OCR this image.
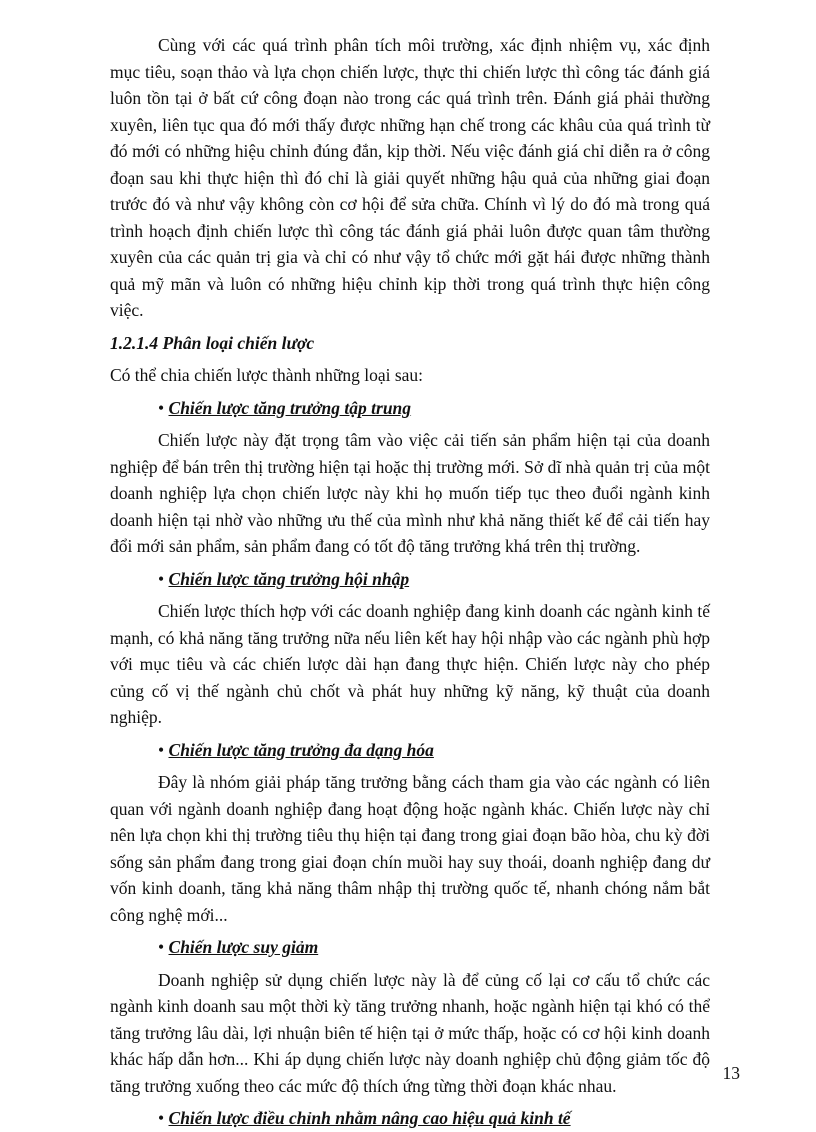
Cùng với các quá trình phân tích môi trường, xác định nhiệm vụ, xác định mục tiêu, soạn thảo và lựa chọn chiến lược, thực thi chiến lược thì công tác đánh giá luôn tồn tại ở bất cứ công đoạn nào trong các quá trình trên. Đánh giá phải thường xuyên, liên tục qua đó mới thấy được những hạn chế trong các khâu của quá trình từ đó mới có những hiệu chỉnh đúng đắn, kịp thời. Nếu việc đánh giá chỉ diễn ra ở công đoạn sau khi thực hiện thì đó chỉ là giải quyết những hậu quả của những giai đoạn trước đó và như vậy không còn cơ hội để sửa chữa. Chính vì lý do đó mà trong quá trình hoạch định chiến lược thì công tác đánh giá phải luôn được quan tâm thường xuyên của các quản trị gia và chỉ có như vậy tổ chức mới gặt hái được những thành quả mỹ mãn và luôn có những hiệu chỉnh kịp thời trong quá trình thực hiện công việc.

1.2.1.4 Phân loại chiến lược

Có thể chia chiến lược thành những loại sau:

• Chiến lược tăng trưởng tập trung

Chiến lược này đặt trọng tâm vào việc cải tiến sản phẩm hiện tại của doanh nghiệp để bán trên thị trường hiện tại hoặc thị trường mới. Sở dĩ nhà quản trị của một doanh nghiệp lựa chọn chiến lược này khi họ muốn tiếp tục theo đuổi ngành kinh doanh hiện tại nhờ vào những ưu thế của mình như khả năng thiết kế để cải tiến hay đổi mới sản phẩm, sản phẩm đang có tốt độ tăng trưởng khá trên thị trường.

• Chiến lược tăng trưởng hội nhập

Chiến lược thích hợp với các doanh nghiệp đang kinh doanh các ngành kinh tế mạnh, có khả năng tăng trưởng nữa nếu liên kết hay hội nhập vào các ngành phù hợp với mục tiêu và các chiến lược dài hạn đang thực hiện. Chiến lược này cho phép củng cố vị thế ngành chủ chốt và phát huy những kỹ năng, kỹ thuật của doanh nghiệp.

• Chiến lược tăng trưởng đa dạng hóa

Đây là nhóm giải pháp tăng trưởng bằng cách tham gia vào các ngành có liên quan với ngành doanh nghiệp đang hoạt động hoặc ngành khác. Chiến lược này chỉ nên lựa chọn khi thị trường tiêu thụ hiện tại đang trong giai đoạn bão hòa, chu kỳ đời sống sản phẩm đang trong giai đoạn chín muồi hay suy thoái, doanh nghiệp đang dư vốn kinh doanh, tăng khả năng thâm nhập thị trường quốc tế, nhanh chóng nắm bắt công nghệ mới...

• Chiến lược suy giảm

Doanh nghiệp sử dụng chiến lược này là để củng cố lại cơ cấu tổ chức các ngành kinh doanh sau một thời kỳ tăng trưởng nhanh, hoặc ngành hiện tại khó có thể tăng trưởng lâu dài, lợi nhuận biên tế hiện tại ở mức thấp, hoặc có cơ hội kinh doanh khác hấp dẫn hơn... Khi áp dụng chiến lược này doanh nghiệp chủ động giảm tốc độ tăng trưởng xuống theo các mức độ thích ứng từng thời đoạn khác nhau.

• Chiến lược điều chỉnh nhằm nâng cao hiệu quả kinh tế

13
